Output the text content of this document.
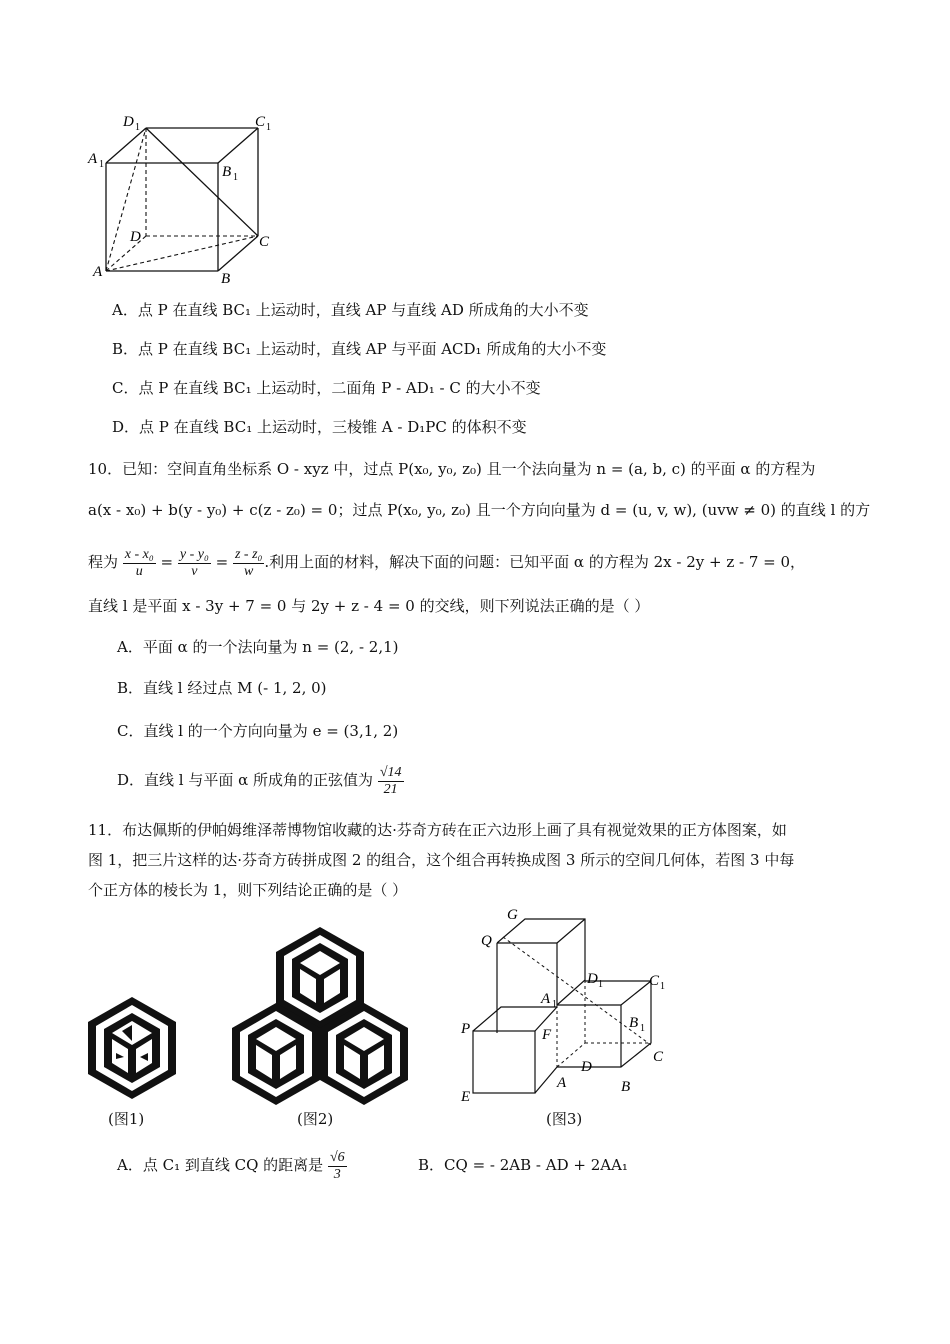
D 1	C 1
A 1	B 1
D	C
A	B
A．点 P 在直线 BC₁ 上运动时，直线 AP 与直线 AD 所成角的大小不变
B．点 P 在直线 BC₁ 上运动时，直线 AP 与平面 ACD₁ 所成角的大小不变
C．点 P 在直线 BC₁ 上运动时，二面角 P - AD₁ - C 的大小不变
D．点 P 在直线 BC₁ 上运动时，三棱锥 A - D₁PC 的体积不变
10．已知：空间直角坐标系 O - xyz 中，过点 P(x₀, y₀, z₀) 且一个法向量为 n = (a, b, c) 的平面 α 的方程为
a(x - x₀) + b(y - y₀) + c(z - z₀) = 0；过点 P(x₀, y₀, z₀) 且一个方向向量为 d = (u, v, w), (uvw ≠ 0) 的直线 l 的方
程为 $\frac{\text{x - x₀}}{u} = \frac{\text{y - y₀}}{v} = \frac{\text{z - z₀}}{w}$ .利用上面的材料，解决下面的问题：已知平面 α 的方程为 2x - 2y + z - 7 = 0，
直线 l 是平面 x - 3y + 7 = 0 与 2y + z - 4 = 0 的交线，则下列说法正确的是（ ）
A．平面 α 的一个法向量为 n = (2, - 2,1)
B．直线 l 经过点 M (- 1, 2, 0)
C．直线 l 的一个方向向量为 e = (3,1, 2)
D．直线 l 与平面 α 所成角的正弦值为 $\frac{√14}{21}$
11．布达佩斯的伊帕姆维泽蒂博物馆收藏的达·芬奇方砖在正六边形上画了具有视觉效果的正方体图案，如
图 1，把三片这样的达·芬奇方砖拼成图 2 的组合，这个组合再转换成图 3 所示的空间几何体，若图 3 中每
个正方体的棱长为 1，则下列结论正确的是（ ）
G
Q
D 1	C 1
A 1
B 1
P	F
D
C
E
A	B
(图1)	(图2)	(图3)
A．点 C₁ 到直线 CQ 的距离是 $\frac{√6}{3}$	B．CQ = - 2AB - AD + 2AA₁
